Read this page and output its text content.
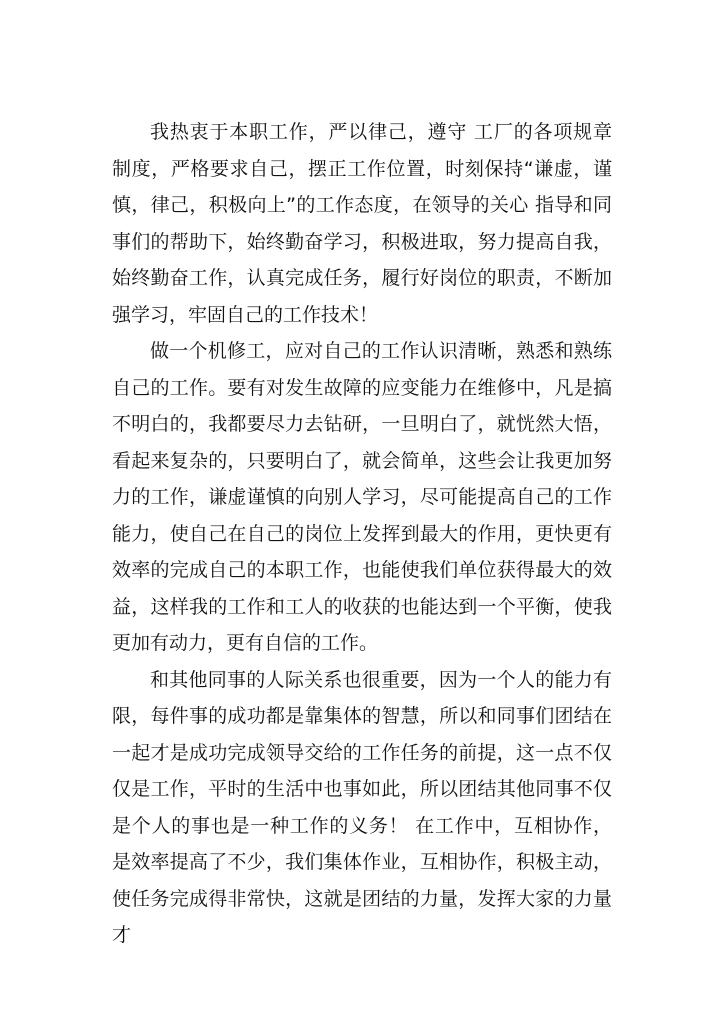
我热衷于本职工作，严以律己，遵守 工厂的各项规章制度，严格要求自己，摆正工作位置，时刻保持“谦虚，谨慎，律己，积极向上”的工作态度，在领导的关心 指导和同事们的帮助下，始终勤奋学习，积极进取，努力提高自我，始终勤奋工作，认真完成任务，履行好岗位的职责，不断加强学习，牢固自己的工作技术！

做一个机修工，应对自己的工作认识清晰，熟悉和熟练自己的工作。要有对发生故障的应变能力在维修中，凡是搞不明白的，我都要尽力去钻研，一旦明白了，就恍然大悟，看起来复杂的，只要明白了，就会简单，这些会让我更加努力的工作，谦虚谨慎的向别人学习，尽可能提高自己的工作能力，使自己在自己的岗位上发挥到最大的作用，更快更有效率的完成自己的本职工作，也能使我们单位获得最大的效益，这样我的工作和工人的收获的也能达到一个平衡，使我更加有动力，更有自信的工作。

和其他同事的人际关系也很重要，因为一个人的能力有限，每件事的成功都是靠集体的智慧，所以和同事们团结在一起才是成功完成领导交给的工作任务的前提，这一点不仅仅是工作，平时的生活中也事如此，所以团结其他同事不仅是个人的事也是一种工作的义务！ 在工作中，互相协作，是效率提高了不少，我们集体作业，互相协作，积极主动，使任务完成得非常快，这就是团结的力量，发挥大家的力量才
